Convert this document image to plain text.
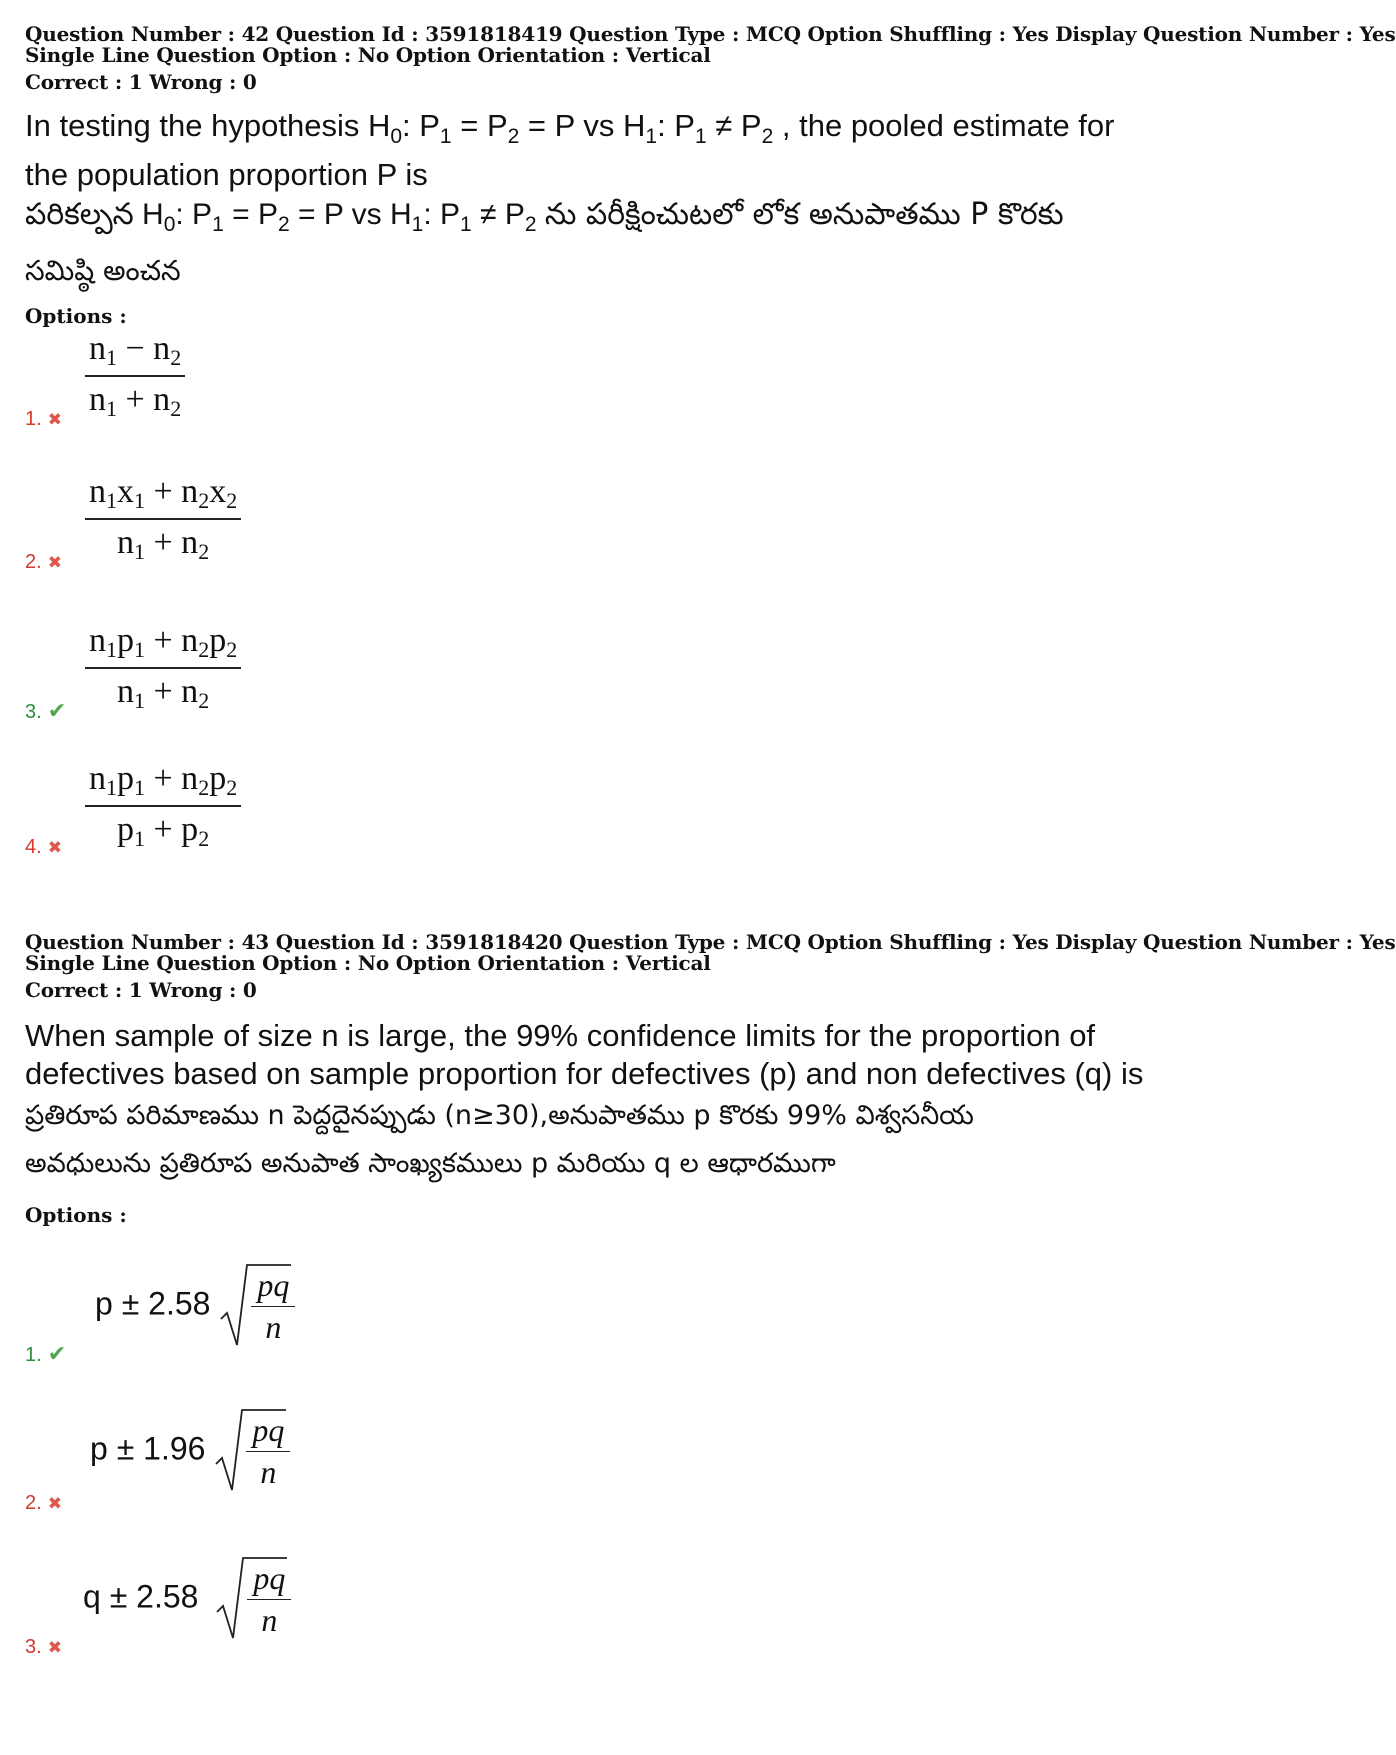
Question Number : 42 Question Id : 3591818419 Question Type : MCQ Option Shuffling : Yes Display Question Number : Yes
Single Line Question Option : No Option Orientation : Vertical
Correct : 1 Wrong : 0
In testing the hypothesis $H_0$: $P_1 = P_2 = P$ vs $H_1$: $P_1 \ne P_2$ , the pooled estimate for
the population proportion P is
పరికల్పన $H_0$: $P_1 = P_2 = P$ vs $H_1$: $P_1 \ne P_2$ ను పరీక్షించుటలో లోక అనుపాతము P కొరకు
సమిష్ఠి అంచన
Options :
$\frac{n_1 - n_2}{n_1 + n_2}$
1. ✖
$\frac{n_1x_1 + n_2x_2}{n_1 + n_2}$
2. ✖
$\frac{n_1p_1 + n_2p_2}{n_1 + n_2}$
3. ✔
$\frac{n_1p_1 + n_2p_2}{p_1 + p_2}$
4. ✖
Question Number : 43 Question Id : 3591818420 Question Type : MCQ Option Shuffling : Yes Display Question Number : Yes
Single Line Question Option : No Option Orientation : Vertical
Correct : 1 Wrong : 0
When sample of size n is large, the 99% confidence limits for the proportion of
defectives based on sample proportion for defectives (p) and non defectives (q) is
ప్రతిరూప పరిమాణము n పెద్దదైనప్పుడు (n≥30),అనుపాతము p కొరకు 99% విశ్వసనీయ
అవధులును ప్రతిరూప అనుపాత సాంఖ్యకములు p మరియు q ల ఆధారముగా
Options :
p ± 2.58
pq
n
1. ✔
p ± 1.96
pq
n
2. ✖
q ± 2.58
pq
n
3. ✖
